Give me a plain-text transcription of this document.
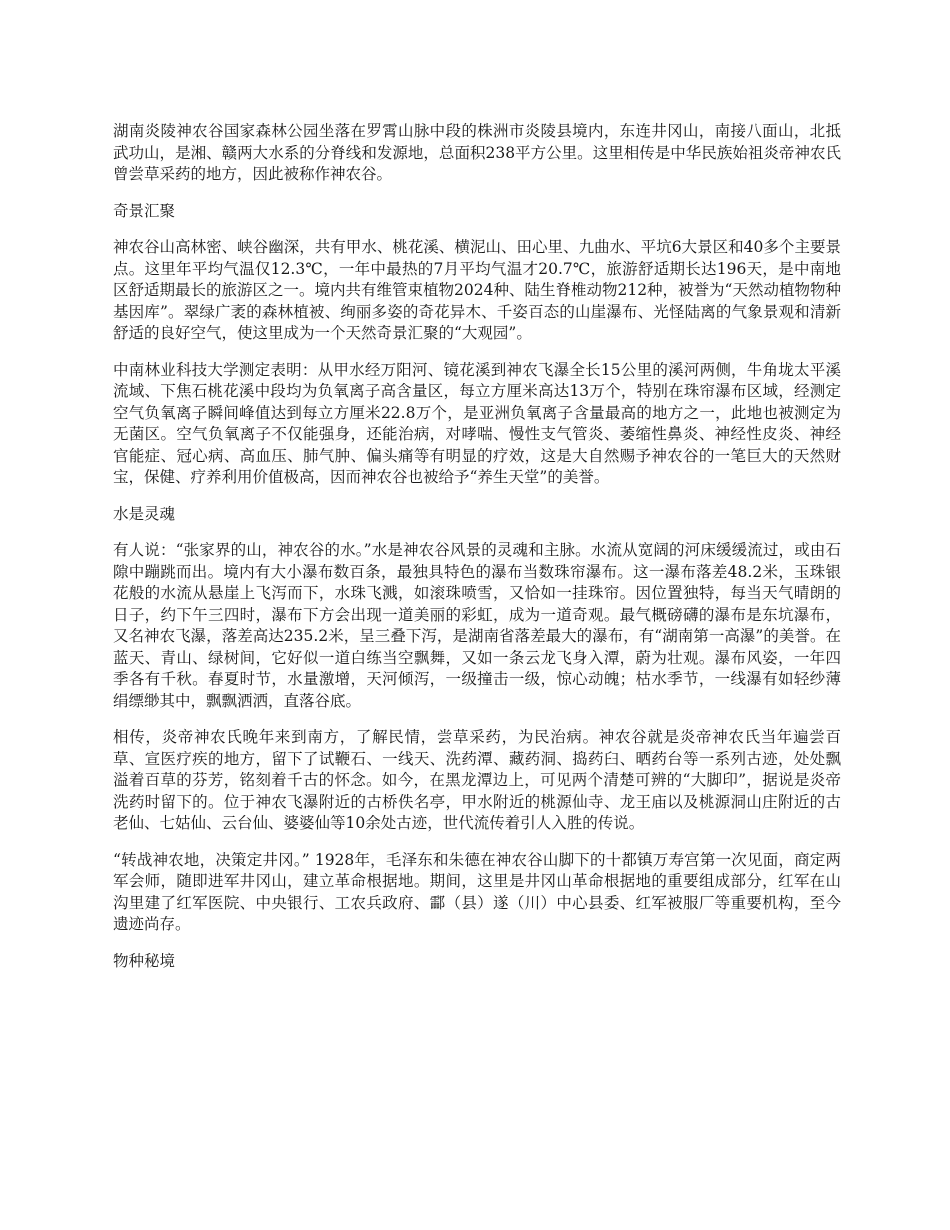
湖南炎陵神农谷国家森林公园坐落在罗霄山脉中段的株洲市炎陵县境内，东连井冈山，南接八面山，北抵武功山，是湘、赣两大水系的分脊线和发源地，总面积238平方公里。这里相传是中华民族始祖炎帝神农氏曾尝草采药的地方，因此被称作神农谷。

奇景汇聚

神农谷山高林密、峡谷幽深，共有甲水、桃花溪、横泥山、田心里、九曲水、平坑6大景区和40多个主要景点。这里年平均气温仅12.3℃，一年中最热的7月平均气温才20.7℃，旅游舒适期长达196天，是中南地区舒适期最长的旅游区之一。境内共有维管束植物2024种、陆生脊椎动物212种，被誉为“天然动植物物种基因库”。翠绿广袤的森林植被、绚丽多姿的奇花异木、千姿百态的山崖瀑布、光怪陆离的气象景观和清新舒适的良好空气，使这里成为一个天然奇景汇聚的“大观园”。

中南林业科技大学测定表明：从甲水经万阳河、镜花溪到神农飞瀑全长15公里的溪河两侧，牛角垅太平溪流域、下焦石桃花溪中段均为负氧离子高含量区，每立方厘米高达13万个，特别在珠帘瀑布区域，经测定空气负氧离子瞬间峰值达到每立方厘米22.8万个，是亚洲负氧离子含量最高的地方之一，此地也被测定为无菌区。空气负氧离子不仅能强身，还能治病，对哮喘、慢性支气管炎、萎缩性鼻炎、神经性皮炎、神经官能症、冠心病、高血压、肺气肿、偏头痛等有明显的疗效，这是大自然赐予神农谷的一笔巨大的天然财宝，保健、疗养利用价值极高，因而神农谷也被给予“养生天堂”的美誉。

水是灵魂

有人说：“张家界的山，神农谷的水。”水是神农谷风景的灵魂和主脉。水流从宽阔的河床缓缓流过，或由石隙中蹦跳而出。境内有大小瀑布数百条，最独具特色的瀑布当数珠帘瀑布。这一瀑布落差48.2米，玉珠银花般的水流从悬崖上飞泻而下，水珠飞溅，如滚珠喷雪，又恰如一挂珠帘。因位置独特，每当天气晴朗的日子，约下午三四时，瀑布下方会出现一道美丽的彩虹，成为一道奇观。最气概磅礴的瀑布是东坑瀑布，又名神农飞瀑，落差高达235.2米，呈三叠下泻，是湖南省落差最大的瀑布，有“湖南第一高瀑”的美誉。在蓝天、青山、绿树间，它好似一道白练当空飘舞，又如一条云龙飞身入潭，蔚为壮观。瀑布风姿，一年四季各有千秋。春夏时节，水量激增，天河倾泻，一级撞击一级，惊心动魄；枯水季节，一线瀑有如轻纱薄绢缥缈其中，飘飘洒洒，直落谷底。

相传，炎帝神农氏晚年来到南方，了解民情，尝草采药，为民治病。神农谷就是炎帝神农氏当年遍尝百草、宣医疗疾的地方，留下了试鞭石、一线天、洗药潭、藏药洞、捣药臼、晒药台等一系列古迹，处处飘溢着百草的芬芳，铭刻着千古的怀念。如今，在黑龙潭边上，可见两个清楚可辨的“大脚印”，据说是炎帝洗药时留下的。位于神农飞瀑附近的古桥佚名亭，甲水附近的桃源仙寺、龙王庙以及桃源洞山庄附近的古老仙、七姑仙、云台仙、婆婆仙等10余处古迹，世代流传着引人入胜的传说。

“转战神农地，决策定井冈。” 1928年，毛泽东和朱德在神农谷山脚下的十都镇万寿宫第一次见面，商定两军会师，随即进军井冈山，建立革命根据地。期间，这里是井冈山革命根据地的重要组成部分，红军在山沟里建了红军医院、中央银行、工农兵政府、酃（县）遂（川）中心县委、红军被服厂等重要机构，至今遗迹尚存。

物种秘境
